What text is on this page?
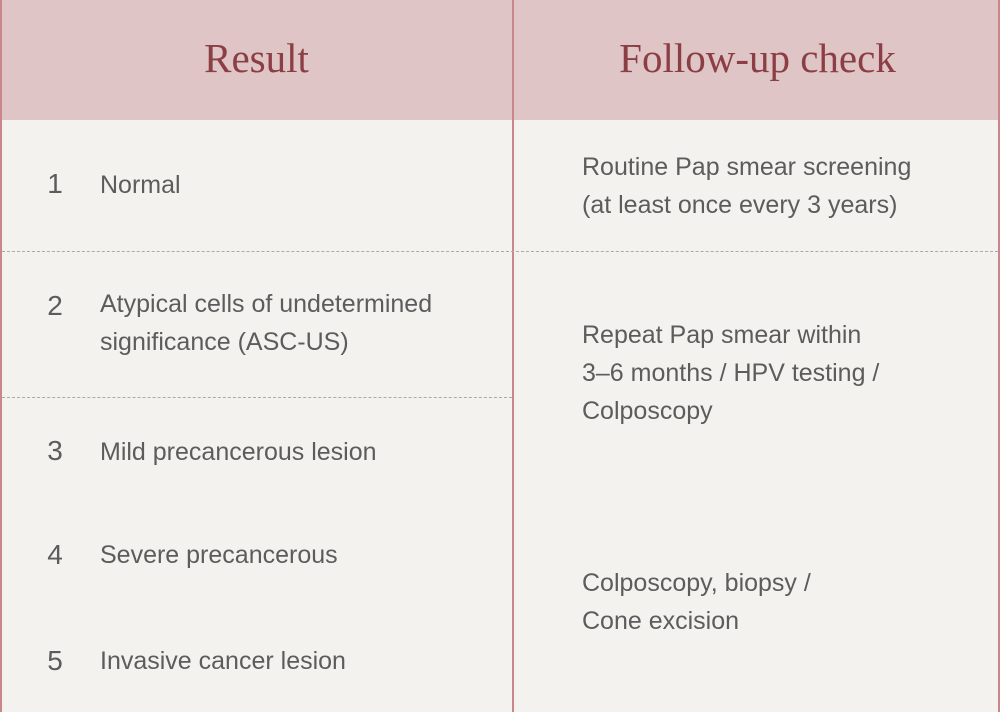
Result	Follow-up check
1 Normal
2 Atypical cells of undetermined
significance (ASC-US)
3 Mild precancerous lesion
4 Severe precancerous
5 Invasive cancer lesion
Routine Pap smear screening
(at least once every 3 years)
Repeat Pap smear within
3–6 months / HPV testing /
Colposcopy
Colposcopy, biopsy /
Cone excision
